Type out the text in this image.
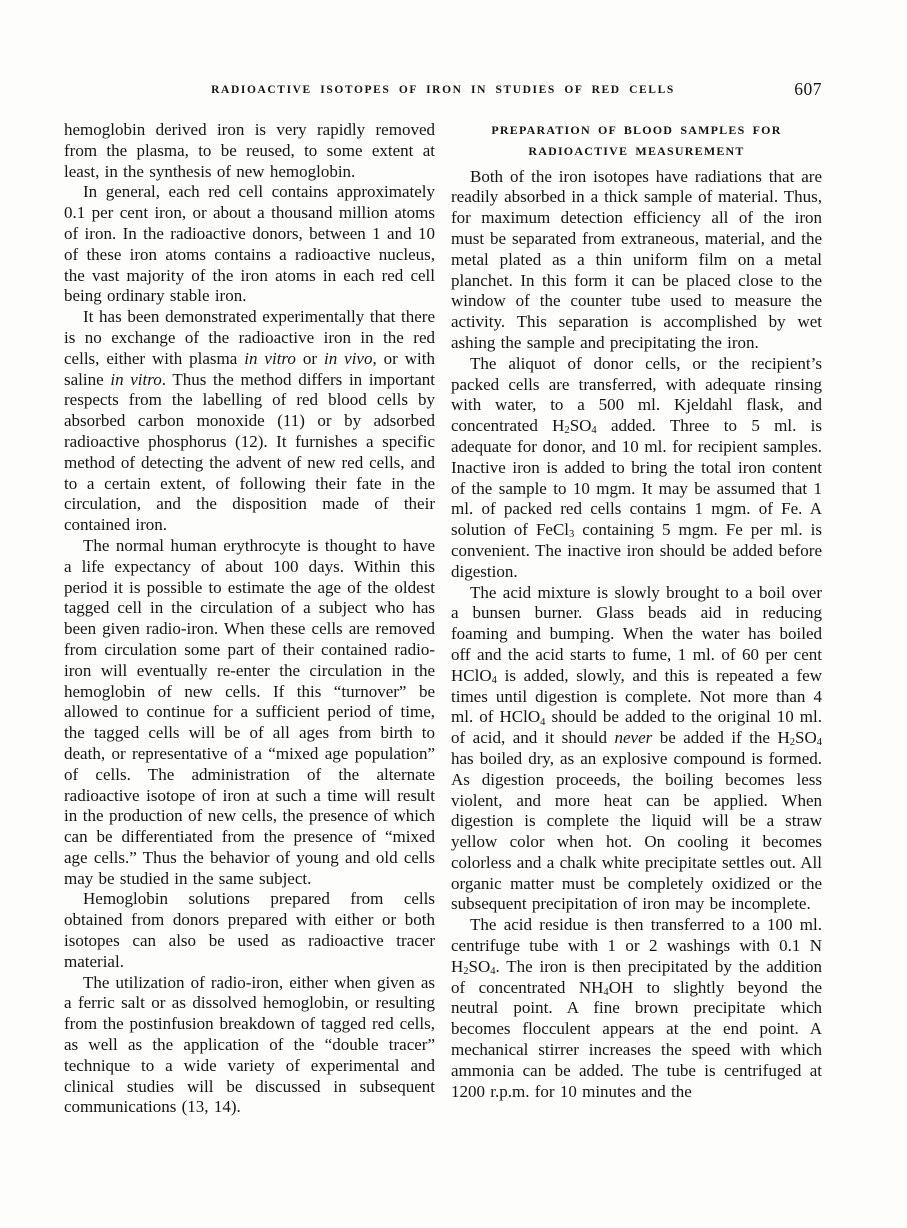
RADIOACTIVE ISOTOPES OF IRON IN STUDIES OF RED CELLS	607

hemoglobin derived iron is very rapidly removed from the plasma, to be reused, to some extent at least, in the synthesis of new hemoglobin.

In general, each red cell contains approximately 0.1 per cent iron, or about a thousand million atoms of iron. In the radioactive donors, between 1 and 10 of these iron atoms contains a radioactive nucleus, the vast majority of the iron atoms in each red cell being ordinary stable iron.

It has been demonstrated experimentally that there is no exchange of the radioactive iron in the red cells, either with plasma in vitro or in vivo, or with saline in vitro. Thus the method differs in important respects from the labelling of red blood cells by absorbed carbon monoxide (11) or by adsorbed radioactive phosphorus (12). It furnishes a specific method of detecting the advent of new red cells, and to a certain extent, of following their fate in the circulation, and the disposition made of their contained iron.

The normal human erythrocyte is thought to have a life expectancy of about 100 days. Within this period it is possible to estimate the age of the oldest tagged cell in the circulation of a subject who has been given radio-iron. When these cells are removed from circulation some part of their contained radio-iron will eventually re-enter the circulation in the hemoglobin of new cells. If this “turnover” be allowed to continue for a sufficient period of time, the tagged cells will be of all ages from birth to death, or representative of a “mixed age population” of cells. The administration of the alternate radioactive isotope of iron at such a time will result in the production of new cells, the presence of which can be differentiated from the presence of “mixed age cells.” Thus the behavior of young and old cells may be studied in the same subject.

Hemoglobin solutions prepared from cells obtained from donors prepared with either or both isotopes can also be used as radioactive tracer material.

The utilization of radio-iron, either when given as a ferric salt or as dissolved hemoglobin, or resulting from the postinfusion breakdown of tagged red cells, as well as the application of the “double tracer” technique to a wide variety of experimental and clinical studies will be discussed in subsequent communications (13, 14).

PREPARATION OF BLOOD SAMPLES FOR
RADIOACTIVE MEASUREMENT

Both of the iron isotopes have radiations that are readily absorbed in a thick sample of material. Thus, for maximum detection efficiency all of the iron must be separated from extraneous, material, and the metal plated as a thin uniform film on a metal planchet. In this form it can be placed close to the window of the counter tube used to measure the activity. This separation is accomplished by wet ashing the sample and precipitating the iron.

The aliquot of donor cells, or the recipient’s packed cells are transferred, with adequate rinsing with water, to a 500 ml. Kjeldahl flask, and concentrated $H_2SO_4$ added. Three to 5 ml. is adequate for donor, and 10 ml. for recipient samples. Inactive iron is added to bring the total iron content of the sample to 10 mgm. It may be assumed that 1 ml. of packed red cells contains 1 mgm. of Fe. A solution of FeCl$_3$ containing 5 mgm. Fe per ml. is convenient. The inactive iron should be added before digestion.

The acid mixture is slowly brought to a boil over a bunsen burner. Glass beads aid in reducing foaming and bumping. When the water has boiled off and the acid starts to fume, 1 ml. of 60 per cent HClO$_4$ is added, slowly, and this is repeated a few times until digestion is complete. Not more than 4 ml. of HClO$_4$ should be added to the original 10 ml. of acid, and it should never be added if the $H_2SO_4$ has boiled dry, as an explosive compound is formed. As digestion proceeds, the boiling becomes less violent, and more heat can be applied. When digestion is complete the liquid will be a straw yellow color when hot. On cooling it becomes colorless and a chalk white precipitate settles out. All organic matter must be completely oxidized or the subsequent precipitation of iron may be incomplete.

The acid residue is then transferred to a 100 ml. centrifuge tube with 1 or 2 washings with 0.1 N $H_2SO_4$. The iron is then precipitated by the addition of concentrated $NH_4OH$ to slightly beyond the neutral point. A fine brown precipitate which becomes flocculent appears at the end point. A mechanical stirrer increases the speed with which ammonia can be added. The tube is centrifuged at 1200 r.p.m. for 10 minutes and the
